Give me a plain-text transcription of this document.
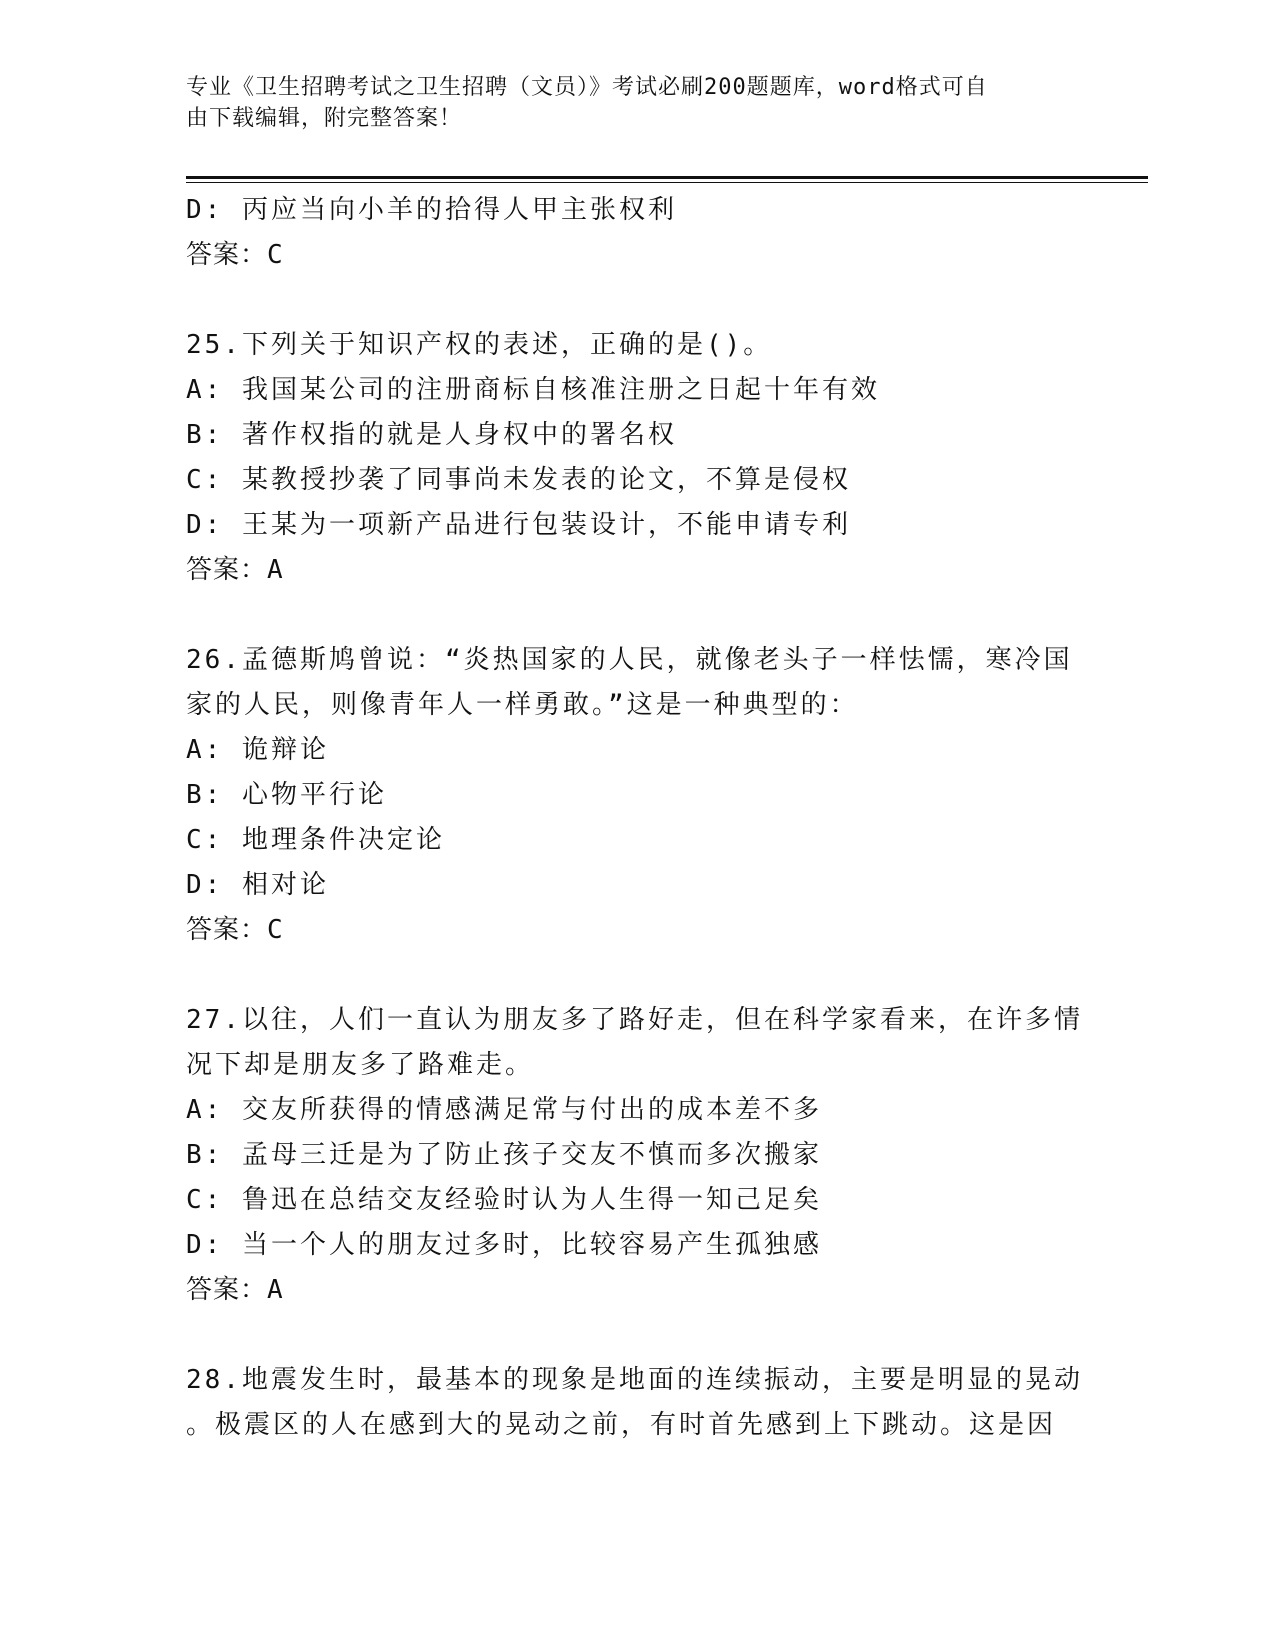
专业《卫生招聘考试之卫生招聘（文员）》考试必刷200题题库，word格式可自
由下载编辑，附完整答案！
D: 丙应当向小羊的拾得人甲主张权利
答案：C
25.下列关于知识产权的表述，正确的是()。
A: 我国某公司的注册商标自核准注册之日起十年有效
B: 著作权指的就是人身权中的署名权
C: 某教授抄袭了同事尚未发表的论文，不算是侵权
D: 王某为一项新产品进行包装设计，不能申请专利
答案：A
26.孟德斯鸠曾说：“炎热国家的人民，就像老头子一样怯懦，寒冷国
家的人民，则像青年人一样勇敢。”这是一种典型的：
A: 诡辩论
B: 心物平行论
C: 地理条件决定论
D: 相对论
答案：C
27.以往，人们一直认为朋友多了路好走，但在科学家看来，在许多情
况下却是朋友多了路难走。
A: 交友所获得的情感满足常与付出的成本差不多
B: 孟母三迁是为了防止孩子交友不慎而多次搬家
C: 鲁迅在总结交友经验时认为人生得一知己足矣
D: 当一个人的朋友过多时，比较容易产生孤独感
答案：A
28.地震发生时，最基本的现象是地面的连续振动，主要是明显的晃动
。极震区的人在感到大的晃动之前，有时首先感到上下跳动。这是因
